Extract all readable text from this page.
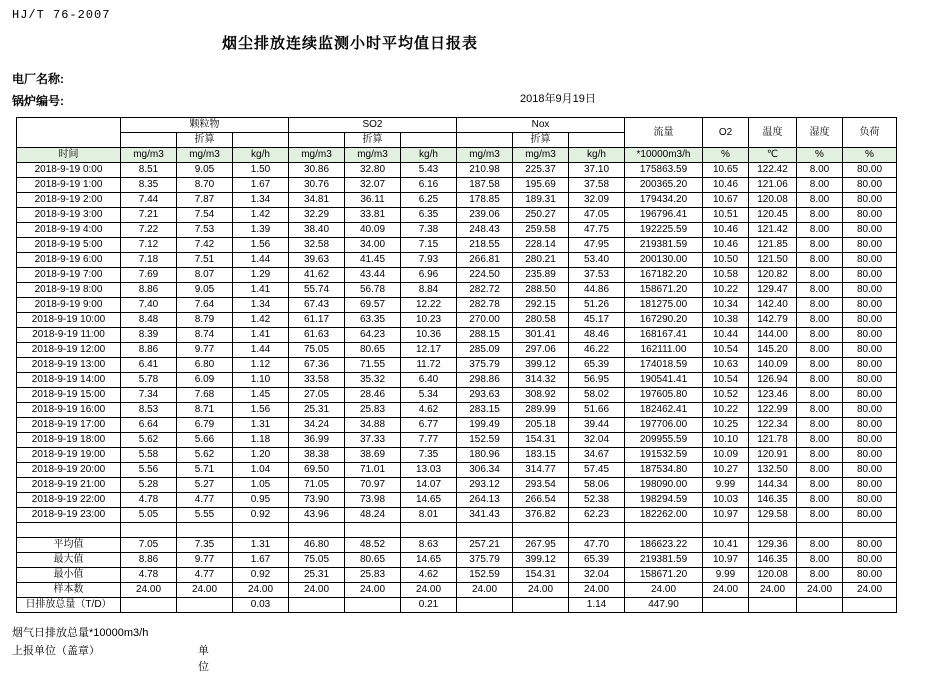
HJ/T 76-2007
烟尘排放连续监测小时平均值日报表
电厂名称:
锅炉编号:	2018年9月19日
	颗粒物			SO2			Nox			流量	O2	温度	湿度	负荷
		折算			折算			折算						
时间	mg/m3	mg/m3	kg/h	mg/m3	mg/m3	kg/h	mg/m3	mg/m3	kg/h	*10000m3/h	%	℃	%	%
2018-9-19 0:00	8.51	9.05	1.50	30.86	32.80	5.43	210.98	225.37	37.10	175863.59	10.65	122.42	8.00	80.00
2018-9-19 1:00	8.35	8.70	1.67	30.76	32.07	6.16	187.58	195.69	37.58	200365.20	10.46	121.06	8.00	80.00
2018-9-19 2:00	7.44	7.87	1.34	34.81	36.11	6.25	178.85	189.31	32.09	179434.20	10.67	120.08	8.00	80.00
2018-9-19 3:00	7.21	7.54	1.42	32.29	33.81	6.35	239.06	250.27	47.05	196796.41	10.51	120.45	8.00	80.00
2018-9-19 4:00	7.22	7.53	1.39	38.40	40.09	7.38	248.43	259.58	47.75	192225.59	10.46	121.42	8.00	80.00
2018-9-19 5:00	7.12	7.42	1.56	32.58	34.00	7.15	218.55	228.14	47.95	219381.59	10.46	121.85	8.00	80.00
2018-9-19 6:00	7.18	7.51	1.44	39.63	41.45	7.93	266.81	280.21	53.40	200130.00	10.50	121.50	8.00	80.00
2018-9-19 7:00	7.69	8.07	1.29	41.62	43.44	6.96	224.50	235.89	37.53	167182.20	10.58	120.82	8.00	80.00
2018-9-19 8:00	8.86	9.05	1.41	55.74	56.78	8.84	282.72	288.50	44.86	158671.20	10.22	129.47	8.00	80.00
2018-9-19 9:00	7.40	7.64	1.34	67.43	69.57	12.22	282.78	292.15	51.26	181275.00	10.34	142.40	8.00	80.00
2018-9-19 10:00	8.48	8.79	1.42	61.17	63.35	10.23	270.00	280.58	45.17	167290.20	10.38	142.79	8.00	80.00
2018-9-19 11:00	8.39	8.74	1.41	61.63	64.23	10.36	288.15	301.41	48.46	168167.41	10.44	144.00	8.00	80.00
2018-9-19 12:00	8.86	9.77	1.44	75.05	80.65	12.17	285.09	297.06	46.22	162111.00	10.54	145.20	8.00	80.00
2018-9-19 13:00	6.41	6.80	1.12	67.36	71.55	11.72	375.79	399.12	65.39	174018.59	10.63	140.09	8.00	80.00
2018-9-19 14:00	5.78	6.09	1.10	33.58	35.32	6.40	298.86	314.32	56.95	190541.41	10.54	126.94	8.00	80.00
2018-9-19 15:00	7.34	7.68	1.45	27.05	28.46	5.34	293.63	308.92	58.02	197605.80	10.52	123.46	8.00	80.00
2018-9-19 16:00	8.53	8.71	1.56	25.31	25.83	4.62	283.15	289.99	51.66	182462.41	10.22	122.99	8.00	80.00
2018-9-19 17:00	6.64	6.79	1.31	34.24	34.88	6.77	199.49	205.18	39.44	197706.00	10.25	122.34	8.00	80.00
2018-9-19 18:00	5.62	5.66	1.18	36.99	37.33	7.77	152.59	154.31	32.04	209955.59	10.10	121.78	8.00	80.00
2018-9-19 19:00	5.58	5.62	1.20	38.38	38.69	7.35	180.96	183.15	34.67	191532.59	10.09	120.91	8.00	80.00
2018-9-19 20:00	5.56	5.71	1.04	69.50	71.01	13.03	306.34	314.77	57.45	187534.80	10.27	132.50	8.00	80.00
2018-9-19 21:00	5.28	5.27	1.05	71.05	70.97	14.07	293.12	293.54	58.06	198090.00	9.99	144.34	8.00	80.00
2018-9-19 22:00	4.78	4.77	0.95	73.90	73.98	14.65	264.13	266.54	52.38	198294.59	10.03	146.35	8.00	80.00
2018-9-19 23:00	5.05	5.55	0.92	43.96	48.24	8.01	341.43	376.82	62.23	182262.00	10.97	129.58	8.00	80.00

平均值	7.05	7.35	1.31	46.80	48.52	8.63	257.21	267.95	47.70	186623.22	10.41	129.36	8.00	80.00
最大值	8.86	9.77	1.67	75.05	80.65	14.65	375.79	399.12	65.39	219381.59	10.97	146.35	8.00	80.00
最小值	4.78	4.77	0.92	25.31	25.83	4.62	152.59	154.31	32.04	158671.20	9.99	120.08	8.00	80.00
样本数	24.00	24.00	24.00	24.00	24.00	24.00	24.00	24.00	24.00	24.00	24.00	24.00	24.00	24.00
日排放总量（T/D）			0.03			0.21			1.14	447.90				
烟气日排放总量*10000m3/h
上报单位（盖章）	单位
